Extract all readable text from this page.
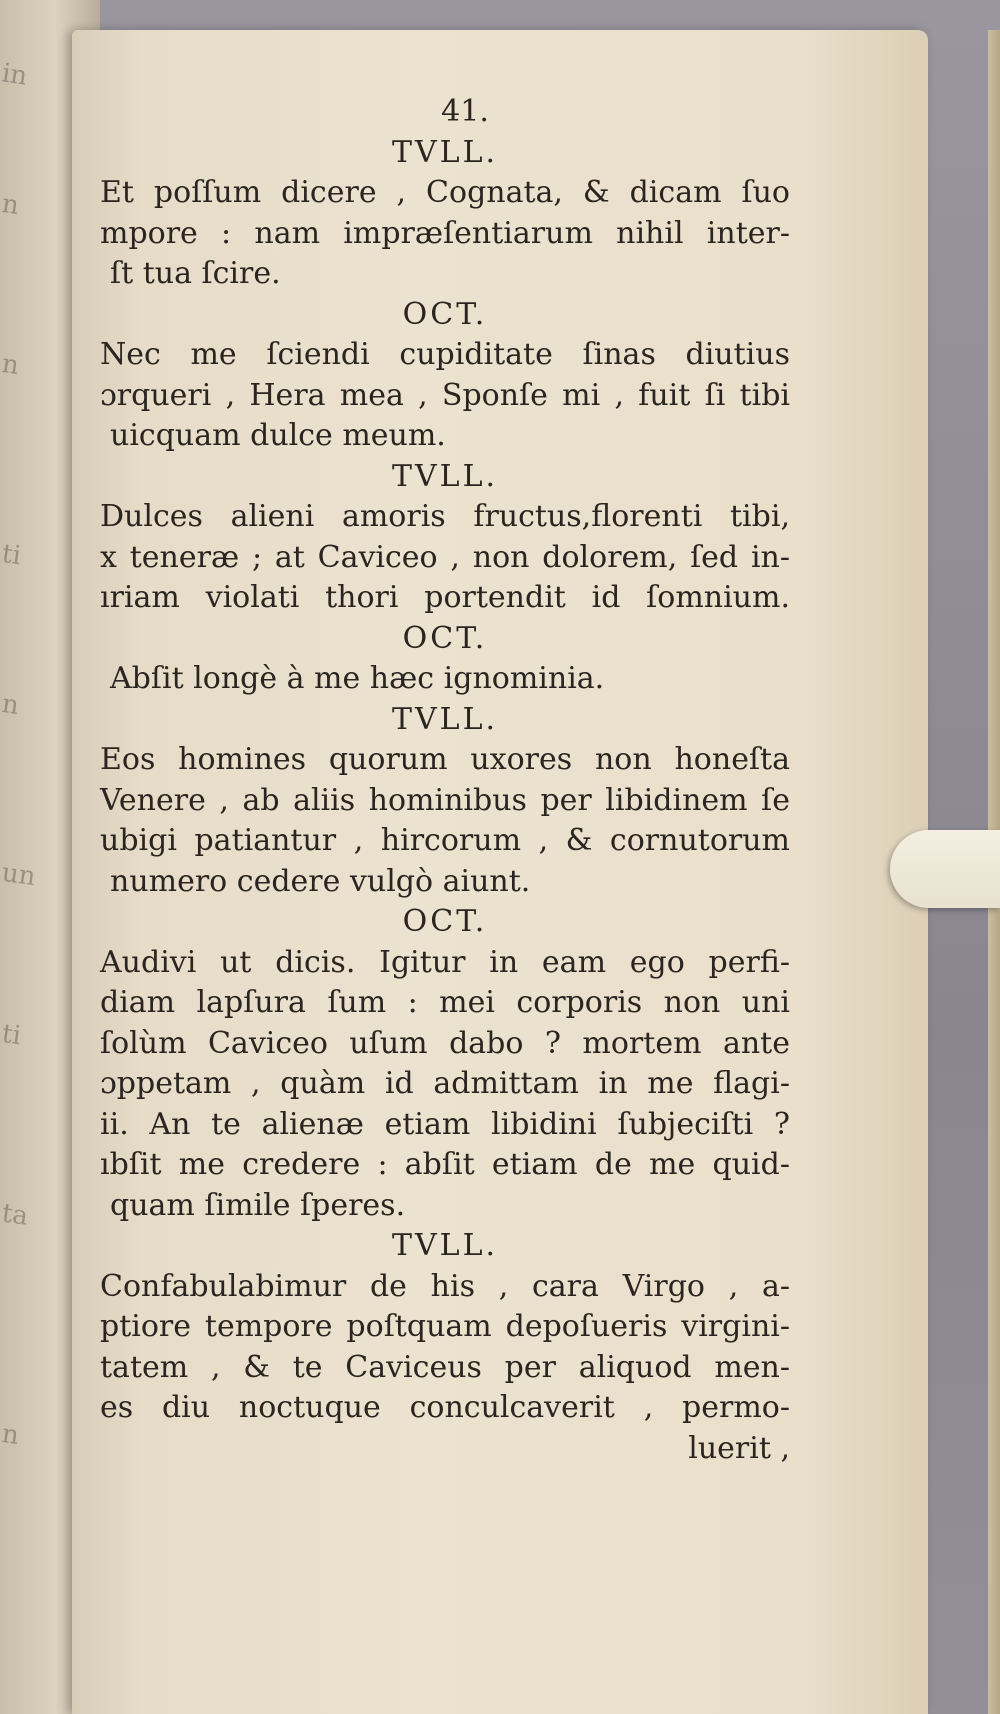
in
n
n
ti
n
un
ti
ta
n
41.
TVLL.
Et poſſum dicere , Cognata, & dicam ſuo
mpore : nam impræſentiarum nihil inter-
ſt tua ſcire.
OCT.
Nec me ſciendi cupiditate ſinas diutius
ɔrqueri , Hera mea , Sponſe mi , fuit ſi tibi
uicquam dulce meum.
TVLL.
Dulces alieni amoris fructus,florenti tibi,
x teneræ ; at Caviceo , non dolorem, ſed in-
ıriam violati thori portendit id ſomnium.
OCT.
Abſit longè à me hæc ignominia.
TVLL.
Eos homines quorum uxores non honeſta
Venere , ab aliis hominibus per libidinem ſe
ubigi patiantur , hircorum , & cornutorum
numero cedere vulgò aiunt.
OCT.
Audivi ut dicis. Igitur in eam ego perfi-
diam lapſura ſum : mei corporis non uni
ſolùm Caviceo uſum dabo ? mortem ante
ɔppetam , quàm id admittam in me flagi-
ii. An te alienæ etiam libidini ſubjeciſti ?
ıbſit me credere : abſit etiam de me quid-
quam ſimile ſperes.
TVLL.
Confabulabimur de his , cara Virgo , a-
ptiore tempore poſtquam depoſueris virgini-
tatem , & te Caviceus per aliquod men-
es diu noctuque conculcaverit , permo-
luerit ,
